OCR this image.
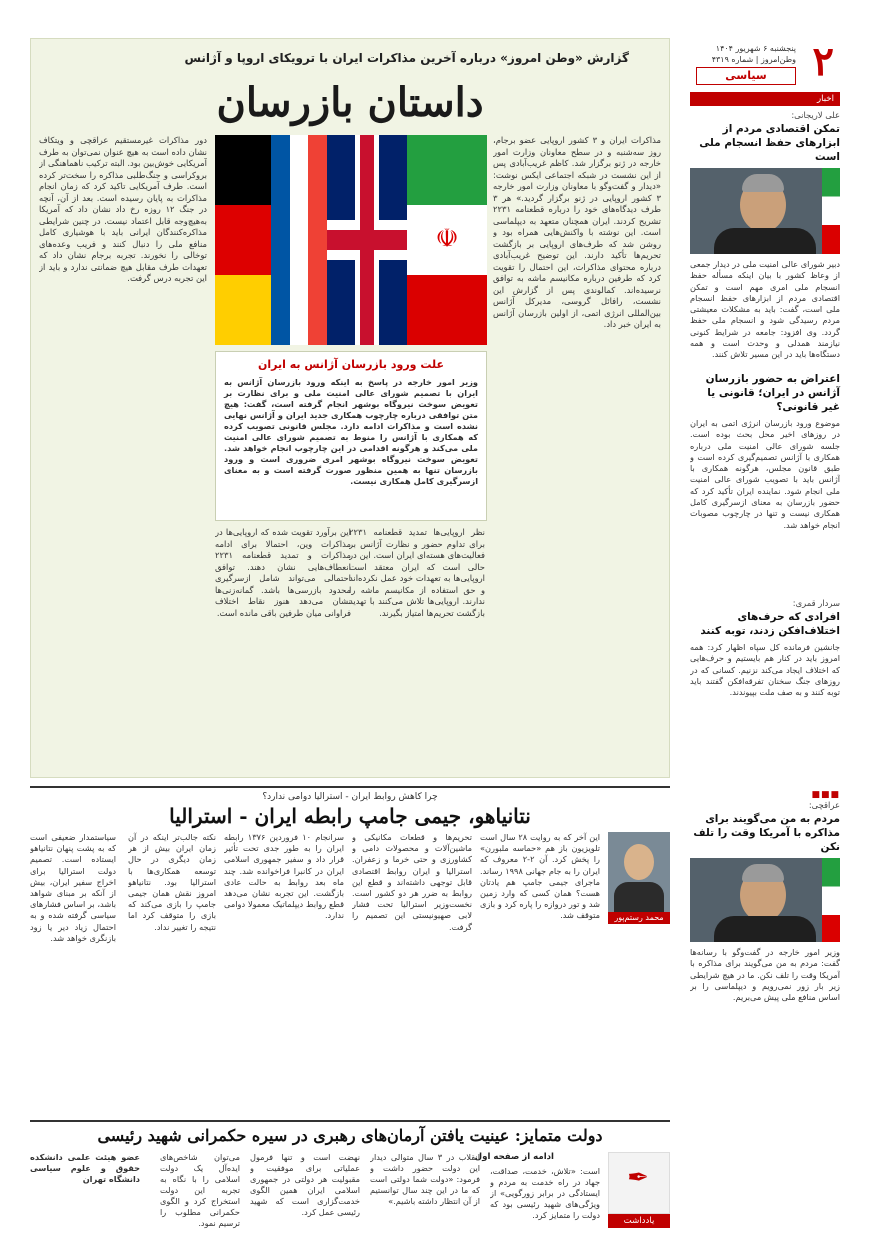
۲
پنجشنبه ۶ شهریور ۱۴۰۴
وطن‌امروز | شماره ۴۳۱۹
سیاسی
اخبار
علی لاریجانی:
تمکن اقتصادی مردم از ابزارهای حفظ انسجام ملی است
دبیر شورای عالی امنیت ملی در دیدار جمعی از وعاظ کشور با بیان اینکه مسأله حفظ انسجام ملی امری مهم است و تمکن اقتصادی مردم از ابزارهای حفظ انسجام ملی است، گفت: باید به مشکلات معیشتی مردم رسیدگی شود و انسجام ملی حفظ گردد. وی افزود: جامعه در شرایط کنونی نیازمند همدلی و وحدت است و همه دستگاه‌ها باید در این مسیر تلاش کنند.
اعتراض به حضور بازرسان آژانس در ایران؛ قانونی یا غیر قانونی؟
موضوع ورود بازرسان انرژی اتمی به ایران در روزهای اخیر محل بحث بوده است. جلسه شورای عالی امنیت ملی درباره همکاری با آژانس تصمیم‌گیری کرده است و طبق قانون مجلس، هرگونه همکاری با آژانس باید با تصویب شورای عالی امنیت ملی انجام شود. نماینده ایران تأکید کرد که حضور بازرسان به معنای ازسرگیری کامل همکاری نیست و تنها در چارچوب مصوبات انجام خواهد شد.
سردار قمری:
افرادی که حرف‌های اختلاف‌افکن زدند، توبه کنند
جانشین فرمانده کل سپاه اظهار کرد: همه امروز باید در کنار هم بایستیم و حرف‌هایی که اختلاف ایجاد می‌کند نزنیم. کسانی که در روزهای جنگ سخنان تفرقه‌افکن گفتند باید توبه کنند و به صف ملت بپیوندند.
■■■
عراقچی:
مردم به من می‌گویند برای مذاکره با آمریکا وقت را تلف نکن
وزیر امور خارجه در گفت‌وگو با رسانه‌ها گفت: مردم به من می‌گویند برای مذاکره با آمریکا وقت را تلف نکن. ما در هیچ شرایطی زیر بار زور نمی‌رویم و دیپلماسی را بر اساس منافع ملی پیش می‌بریم.
گزارش «وطن امروز» درباره آخرین مذاکرات ایران با ترویکای اروپا و آژانس
داستان بازرسان
مذاکرات ایران و ۳ کشور اروپایی عضو برجام، روز سه‌شنبه و در سطح معاونان وزارت امور خارجه در ژنو برگزار شد. کاظم غریب‌آبادی پس از این نشست در شبکه اجتماعی ایکس نوشت: «دیدار و گفت‌وگو با معاونان وزارت امور خارجه ۳ کشور اروپایی در ژنو برگزار گردید.» هر ۳ طرف دیدگاه‌های خود را درباره قطعنامه ۲۲۳۱ تشریح کردند. ایران همچنان متعهد به دیپلماسی است. این نوشته با واکنش‌هایی همراه بود و روشن شد که طرف‌های اروپایی بر بازگشت تحریم‌ها تأکید دارند. این توضیح غریب‌آبادی درباره محتوای مذاکرات، این احتمال را تقویت کرد که طرفین درباره مکانیسم ماشه به توافق نرسیده‌اند. کمالوندی پس از گزارش این نشست، رافائل گروسی، مدیرکل آژانس بین‌المللی انرژی اتمی، از اولین بازرسان آژانس به ایران خبر داد.
دور مذاکرات غیرمستقیم عراقچی و ویتکاف نشان داده است به هیچ عنوان نمی‌توان به طرف آمریکایی خوش‌بین بود. البته ترکیب ناهماهنگی از بروکراسی و جنگ‌طلبی مذاکره را سخت‌تر کرده است. طرف آمریکایی تاکید کرد که زمان انجام مذاکرات به پایان رسیده است. بعد از آن، آنچه در جنگ ۱۲ روزه رخ داد نشان داد که آمریکا به‌هیچ‌وجه قابل اعتماد نیست. در چنین شرایطی مذاکره‌کنندگان ایرانی باید با هوشیاری کامل منافع ملی را دنبال کنند و فریب وعده‌های توخالی را نخورند. تجربه برجام نشان داد که تعهدات طرف مقابل هیچ ضمانتی ندارد و باید از این تجربه درس گرفت.
☫
علت ورود بازرسان آژانس به ایران
وزیر امور خارجه در پاسخ به اینکه ورود بازرسان آژانس به ایران با تصمیم شورای عالی امنیت ملی و برای نظارت بر تعویض سوخت نیروگاه بوشهر انجام گرفته است، گفت: هیچ متن توافقی درباره چارچوب همکاری جدید ایران و آژانس نهایی نشده است و مذاکرات ادامه دارد. مجلس قانونی تصویب کرده که همکاری با آژانس را منوط به تصمیم شورای عالی امنیت ملی می‌کند و هرگونه اقدامی در این چارچوب انجام خواهد شد. تعویض سوخت نیروگاه بوشهر امری ضروری است و ورود بازرسان تنها به همین منظور صورت گرفته است و به معنای ازسرگیری کامل همکاری نیست.
نظر اروپایی‌ها تمدید قطعنامه ۲۲۳۱ برای تداوم حضور و نظارت آژانس بر فعالیت‌های هسته‌ای ایران است. این در حالی است که ایران معتقد است اروپایی‌ها به تعهدات خود عمل نکرده‌اند و حق استفاده از مکانیسم ماشه را ندارند. اروپایی‌ها تلاش می‌کنند با تهدید بازگشت تحریم‌ها امتیاز بگیرند.
این برآورد تقویت شده که اروپایی‌ها در مذاکرات وین، احتمالا برای ادامه مذاکرات و تمدید قطعنامه ۲۲۳۱ انعطاف‌هایی نشان دهند. توافق احتمالی می‌تواند شامل ازسرگیری محدود بازرسی‌ها باشد. گمانه‌زنی‌ها نشان می‌دهد هنوز نقاط اختلاف فراوانی میان طرفین باقی مانده است.
چرا کاهش روابط ایران - استرالیا دوامی ندارد؟
نتانیاهو، جیمی جامپ رابطه ایران - استرالیا
محمد رستم‌پور
این آخر که به روایت ۲۸ سال است تلویزیون باز هم «حماسه ملبورن» را پخش کرد. آن ۲-۲ معروف که ایران را به جام جهانی ۱۹۹۸ رساند. ماجرای جیمی جامپ هم یادتان هست؟ همان کسی که وارد زمین شد و تور دروازه را پاره کرد و بازی متوقف شد.
تحریم‌ها و قطعات مکانیکی و ماشین‌آلات و محصولات دامی و کشاورزی و حتی خرما و زعفران. استرالیا و ایران روابط اقتصادی قابل توجهی داشته‌اند و قطع این روابط به ضرر هر دو کشور است. نخست‌وزیر استرالیا تحت فشار لابی صهیونیستی این تصمیم را گرفت.
سرانجام ۱۰ فروردین ۱۳۷۶ رابطه ایران را به طور جدی تحت تأثیر قرار داد و سفیر جمهوری اسلامی ایران در کانبرا فراخوانده شد. چند ماه بعد روابط به حالت عادی بازگشت. این تجربه نشان می‌دهد قطع روابط دیپلماتیک معمولا دوامی ندارد.
نکته جالب‌تر اینکه در آن زمان ایران بیش از هر زمان دیگری در حال توسعه همکاری‌ها با استرالیا بود. نتانیاهو امروز نقش همان جیمی جامپ را بازی می‌کند که بازی را متوقف کرد اما نتیجه را تغییر نداد.
سیاستمدار ضعیفی است که به پشت پنهان نتانیاهو ایستاده است. تصمیم دولت استرالیا برای اخراج سفیر ایران، بیش از آنکه بر مبنای شواهد باشد، بر اساس فشارهای سیاسی گرفته شده و به احتمال زیاد دیر یا زود بازنگری خواهد شد.
دولت متمایز: عینیت یافتن آرمان‌های رهبری در سیره حکمرانی شهید رئیسی
✒
یادداشت
ادامه از صفحه اول
است: «تلاش، خدمت، صداقت، جهاد در راه خدمت به مردم و ایستادگی در برابر زورگویی» از ویژگی‌های شهید رئیسی بود که دولت را متمایز کرد.
انقلاب در ۳ سال متوالی دیدار این دولت حضور داشت و فرمود: «دولت شما دولتی است که ما در این چند سال توانستیم از آن انتظار داشته باشیم.»
نهضت است و تنها فرمول عملیاتی برای موفقیت و مقبولیت هر دولتی در جمهوری اسلامی ایران همین الگوی خدمت‌گزاری است که شهید رئیسی عمل کرد.
می‌توان شاخص‌های ایده‌آل یک دولت اسلامی را با نگاه به تجربه این دولت استخراج کرد و الگوی حکمرانی مطلوب را ترسیم نمود.
عضو هیئت علمی دانشکده حقوق و علوم سیاسی دانشگاه تهران
